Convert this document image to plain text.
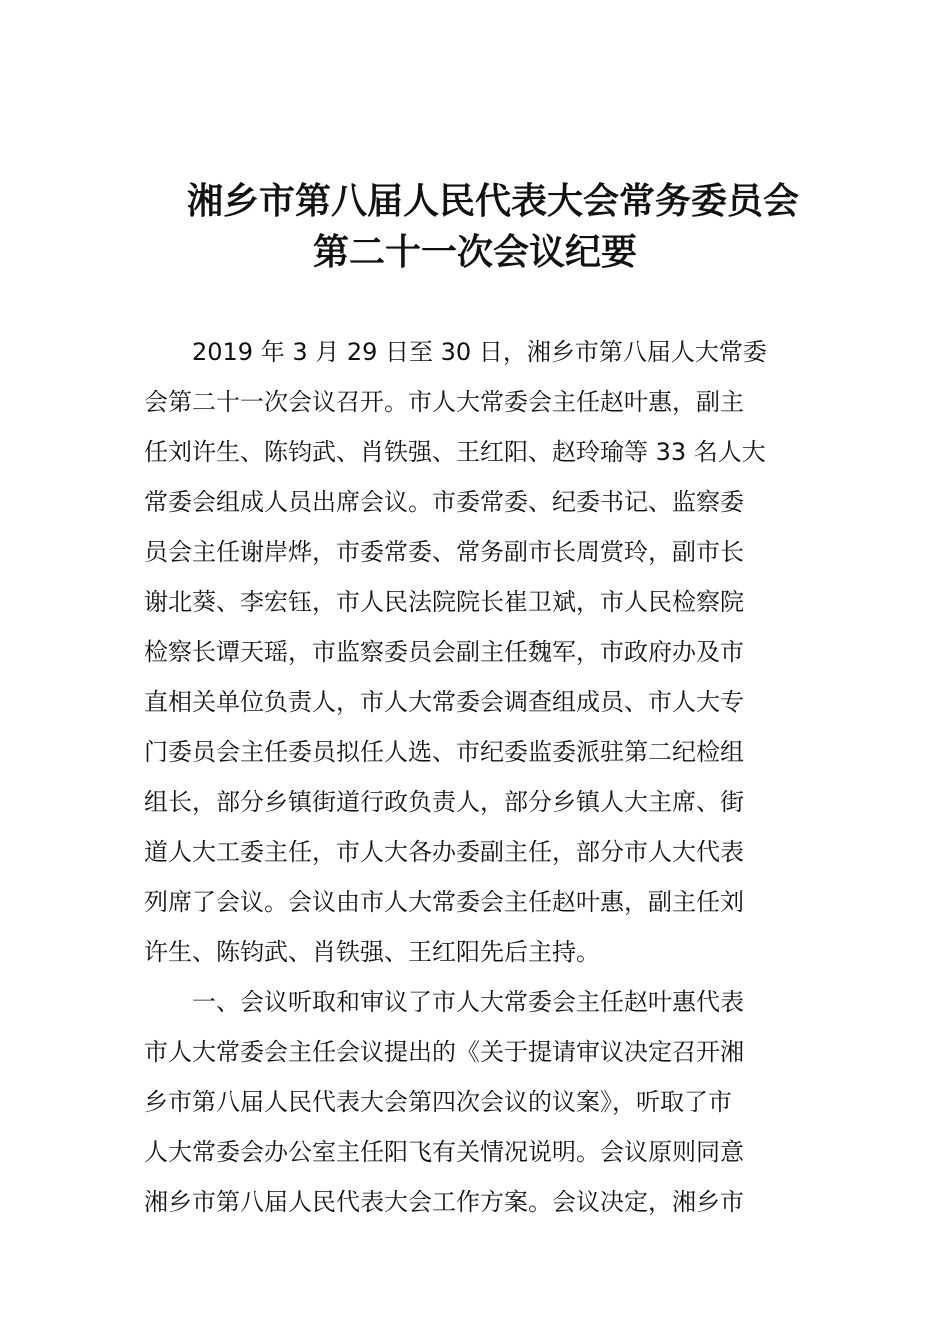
湘乡市第八届人民代表大会常务委员会
第二十一次会议纪要
2019 年 3 月 29 日至 30 日，湘乡市第八届人大常委
会第二十一次会议召开。市人大常委会主任赵叶惠，副主
任刘许生、陈钧武、肖铁强、王红阳、赵玲瑜等 33 名人大
常委会组成人员出席会议。市委常委、纪委书记、监察委
员会主任谢岸烨，市委常委、常务副市长周赏玲，副市长
谢北葵、李宏钰，市人民法院院长崔卫斌，市人民检察院
检察长谭天瑶，市监察委员会副主任魏军，市政府办及市
直相关单位负责人，市人大常委会调查组成员、市人大专
门委员会主任委员拟任人选、市纪委监委派驻第二纪检组
组长，部分乡镇街道行政负责人，部分乡镇人大主席、街
道人大工委主任，市人大各办委副主任，部分市人大代表
列席了会议。会议由市人大常委会主任赵叶惠，副主任刘
许生、陈钧武、肖铁强、王红阳先后主持。
一、会议听取和审议了市人大常委会主任赵叶惠代表
市人大常委会主任会议提出的《关于提请审议决定召开湘
乡市第八届人民代表大会第四次会议的议案》，听取了市
人大常委会办公室主任阳飞有关情况说明。会议原则同意
湘乡市第八届人民代表大会工作方案。会议决定，湘乡市
